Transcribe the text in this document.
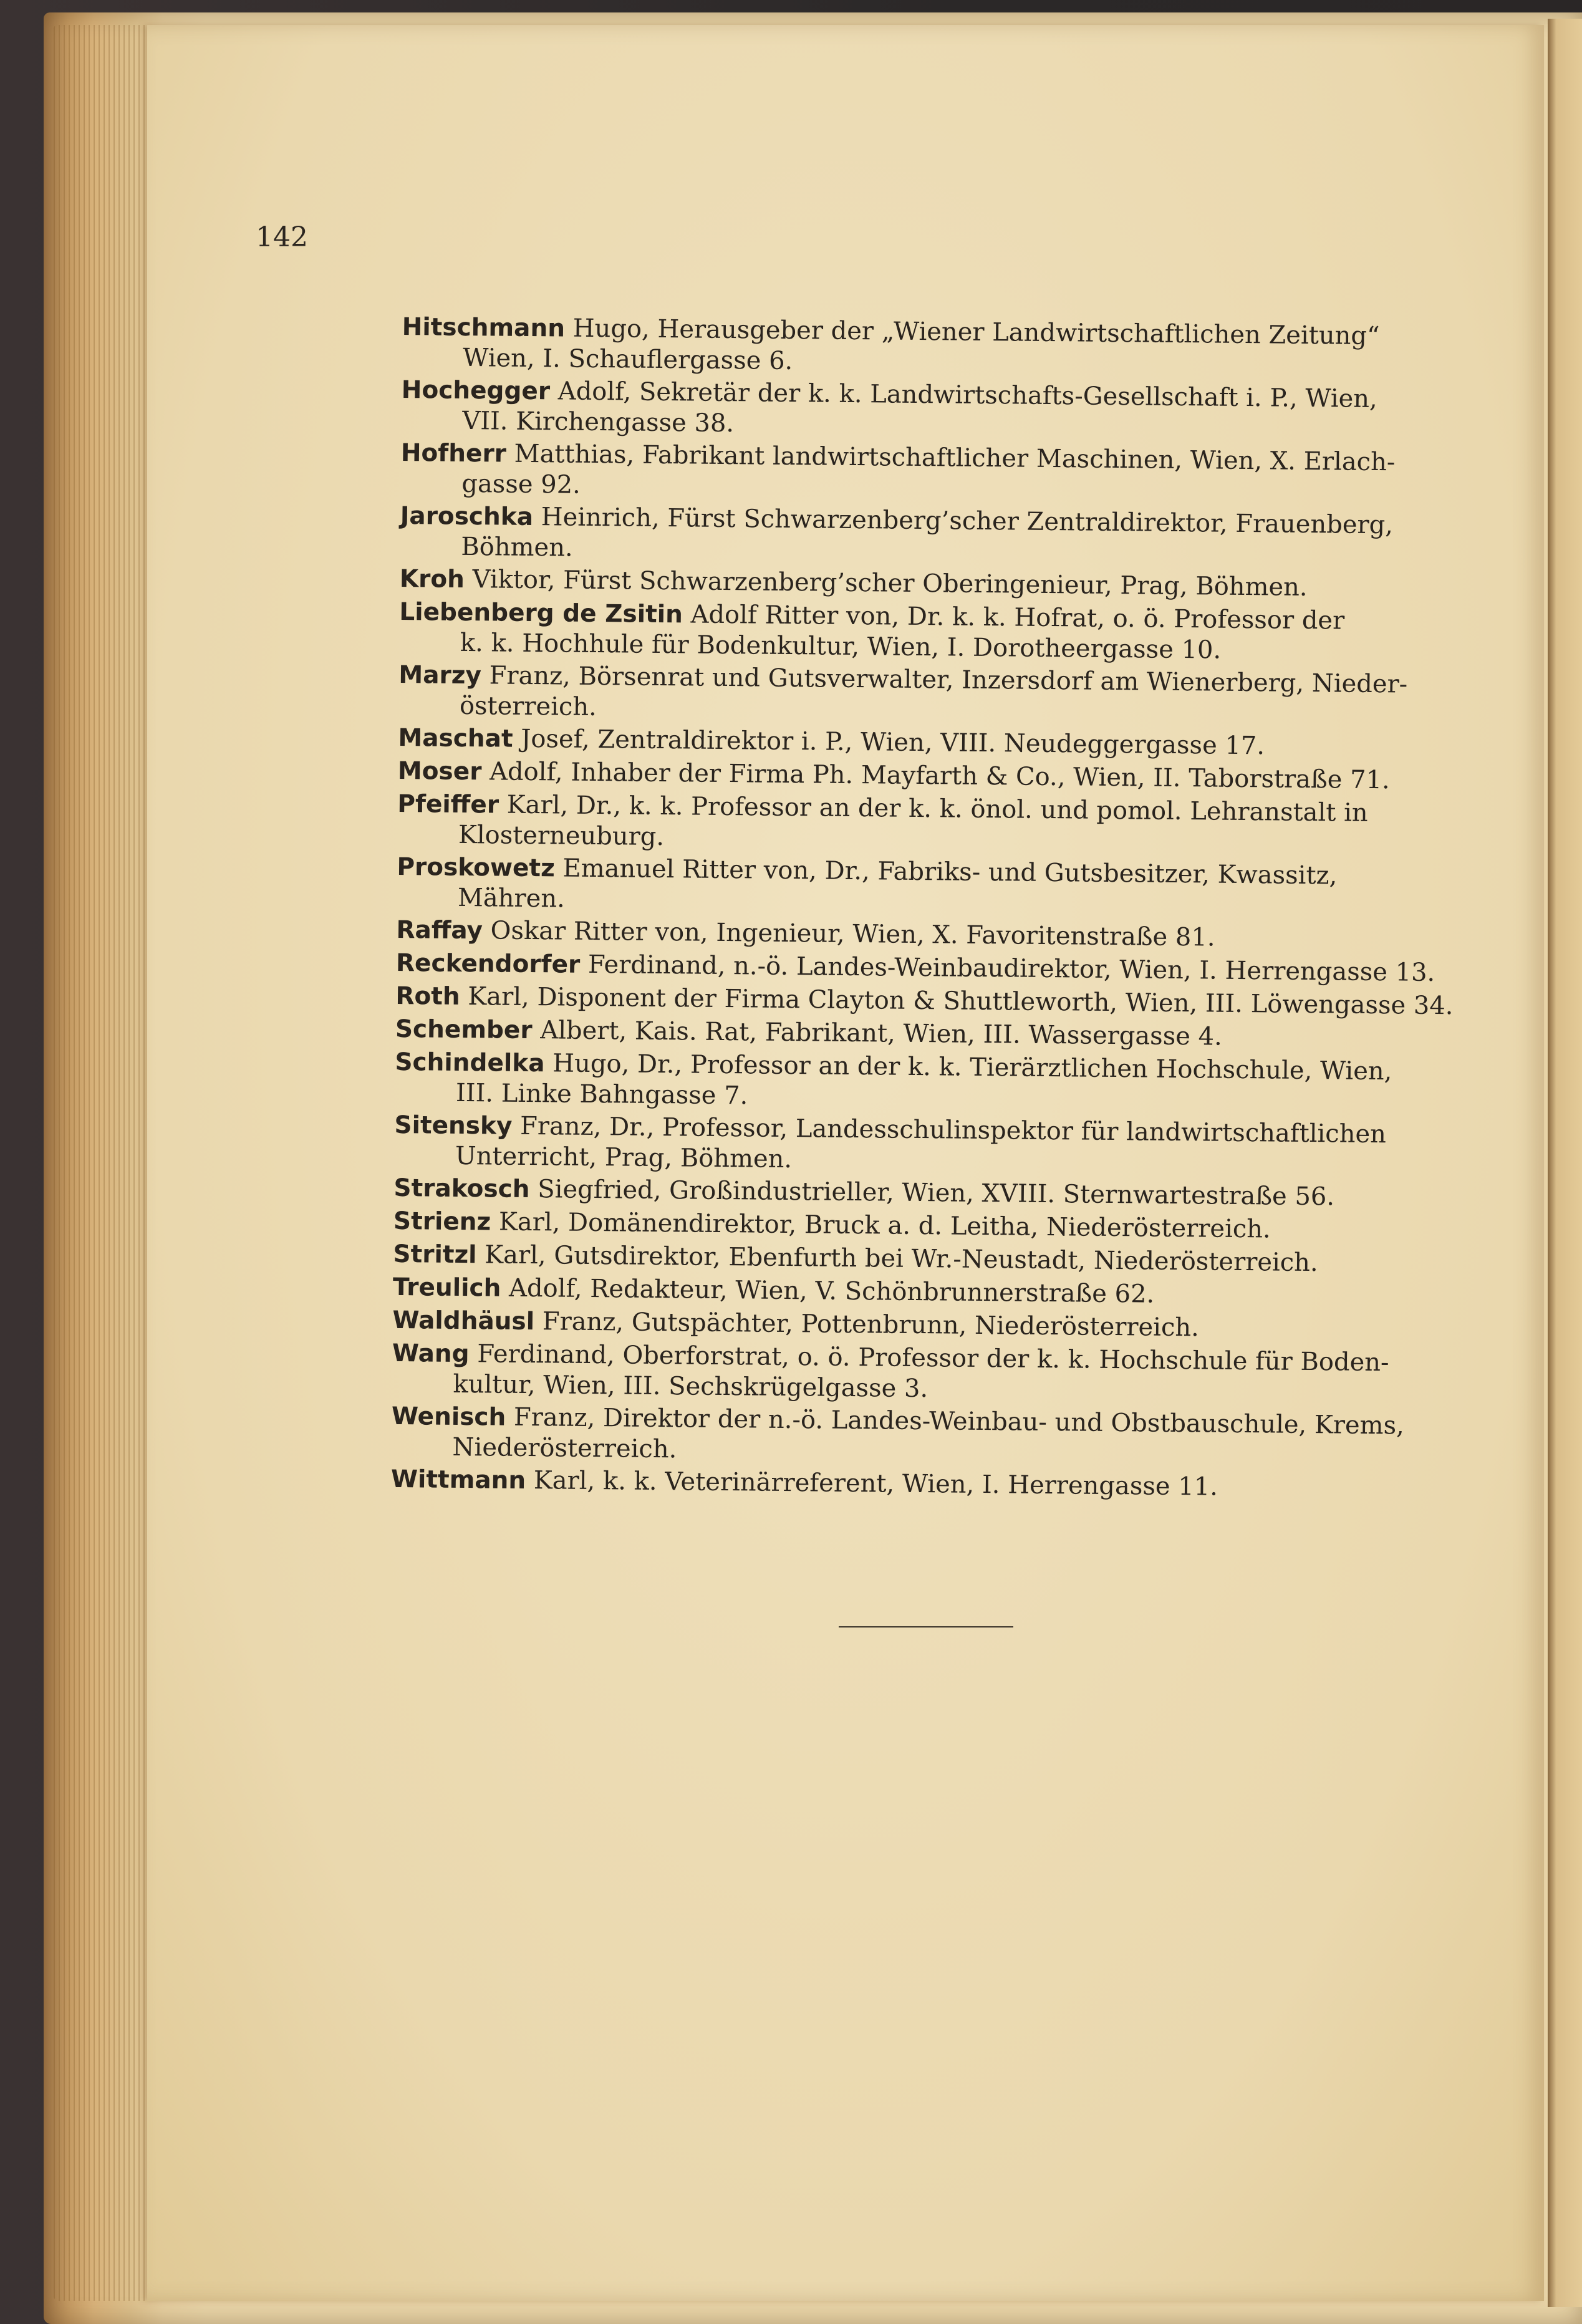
142
Hitschmann Hugo, Herausgeber der „Wiener Landwirtschaftlichen Zeitung“
Wien, I. Schauflergasse 6.
Hochegger Adolf, Sekretär der k. k. Landwirtschafts-Gesellschaft i. P., Wien,
VII. Kirchengasse 38.
Hofherr Matthias, Fabrikant landwirtschaftlicher Maschinen, Wien, X. Erlach-
gasse 92.
Jaroschka Heinrich, Fürst Schwarzenberg’scher Zentraldirektor, Frauenberg,
Böhmen.
Kroh Viktor, Fürst Schwarzenberg’scher Oberingenieur, Prag, Böhmen.
Liebenberg de Zsitin Adolf Ritter von, Dr. k. k. Hofrat, o. ö. Professor der
k. k. Hochhule für Bodenkultur, Wien, I. Dorotheergasse 10.
Marzy Franz, Börsenrat und Gutsverwalter, Inzersdorf am Wienerberg, Nieder-
österreich.
Maschat Josef, Zentraldirektor i. P., Wien, VIII. Neudeggergasse 17.
Moser Adolf, Inhaber der Firma Ph. Mayfarth & Co., Wien, II. Taborstraße 71.
Pfeiffer Karl, Dr., k. k. Professor an der k. k. önol. und pomol. Lehranstalt in
Klosterneuburg.
Proskowetz Emanuel Ritter von, Dr., Fabriks- und Gutsbesitzer, Kwassitz,
Mähren.
Raffay Oskar Ritter von, Ingenieur, Wien, X. Favoritenstraße 81.
Reckendorfer Ferdinand, n.-ö. Landes-Weinbaudirektor, Wien, I. Herrengasse 13.
Roth Karl, Disponent der Firma Clayton & Shuttleworth, Wien, III. Löwengasse 34.
Schember Albert, Kais. Rat, Fabrikant, Wien, III. Wassergasse 4.
Schindelka Hugo, Dr., Professor an der k. k. Tierärztlichen Hochschule, Wien,
III. Linke Bahngasse 7.
Sitensky Franz, Dr., Professor, Landesschulinspektor für landwirtschaftlichen
Unterricht, Prag, Böhmen.
Strakosch Siegfried, Großindustrieller, Wien, XVIII. Sternwartestraße 56.
Strienz Karl, Domänendirektor, Bruck a. d. Leitha, Niederösterreich.
Stritzl Karl, Gutsdirektor, Ebenfurth bei Wr.-Neustadt, Niederösterreich.
Treulich Adolf, Redakteur, Wien, V. Schönbrunnerstraße 62.
Waldhäusl Franz, Gutspächter, Pottenbrunn, Niederösterreich.
Wang Ferdinand, Oberforstrat, o. ö. Professor der k. k. Hochschule für Boden-
kultur, Wien, III. Sechskrügelgasse 3.
Wenisch Franz, Direktor der n.-ö. Landes-Weinbau- und Obstbauschule, Krems,
Niederösterreich.
Wittmann Karl, k. k. Veterinärreferent, Wien, I. Herrengasse 11.
